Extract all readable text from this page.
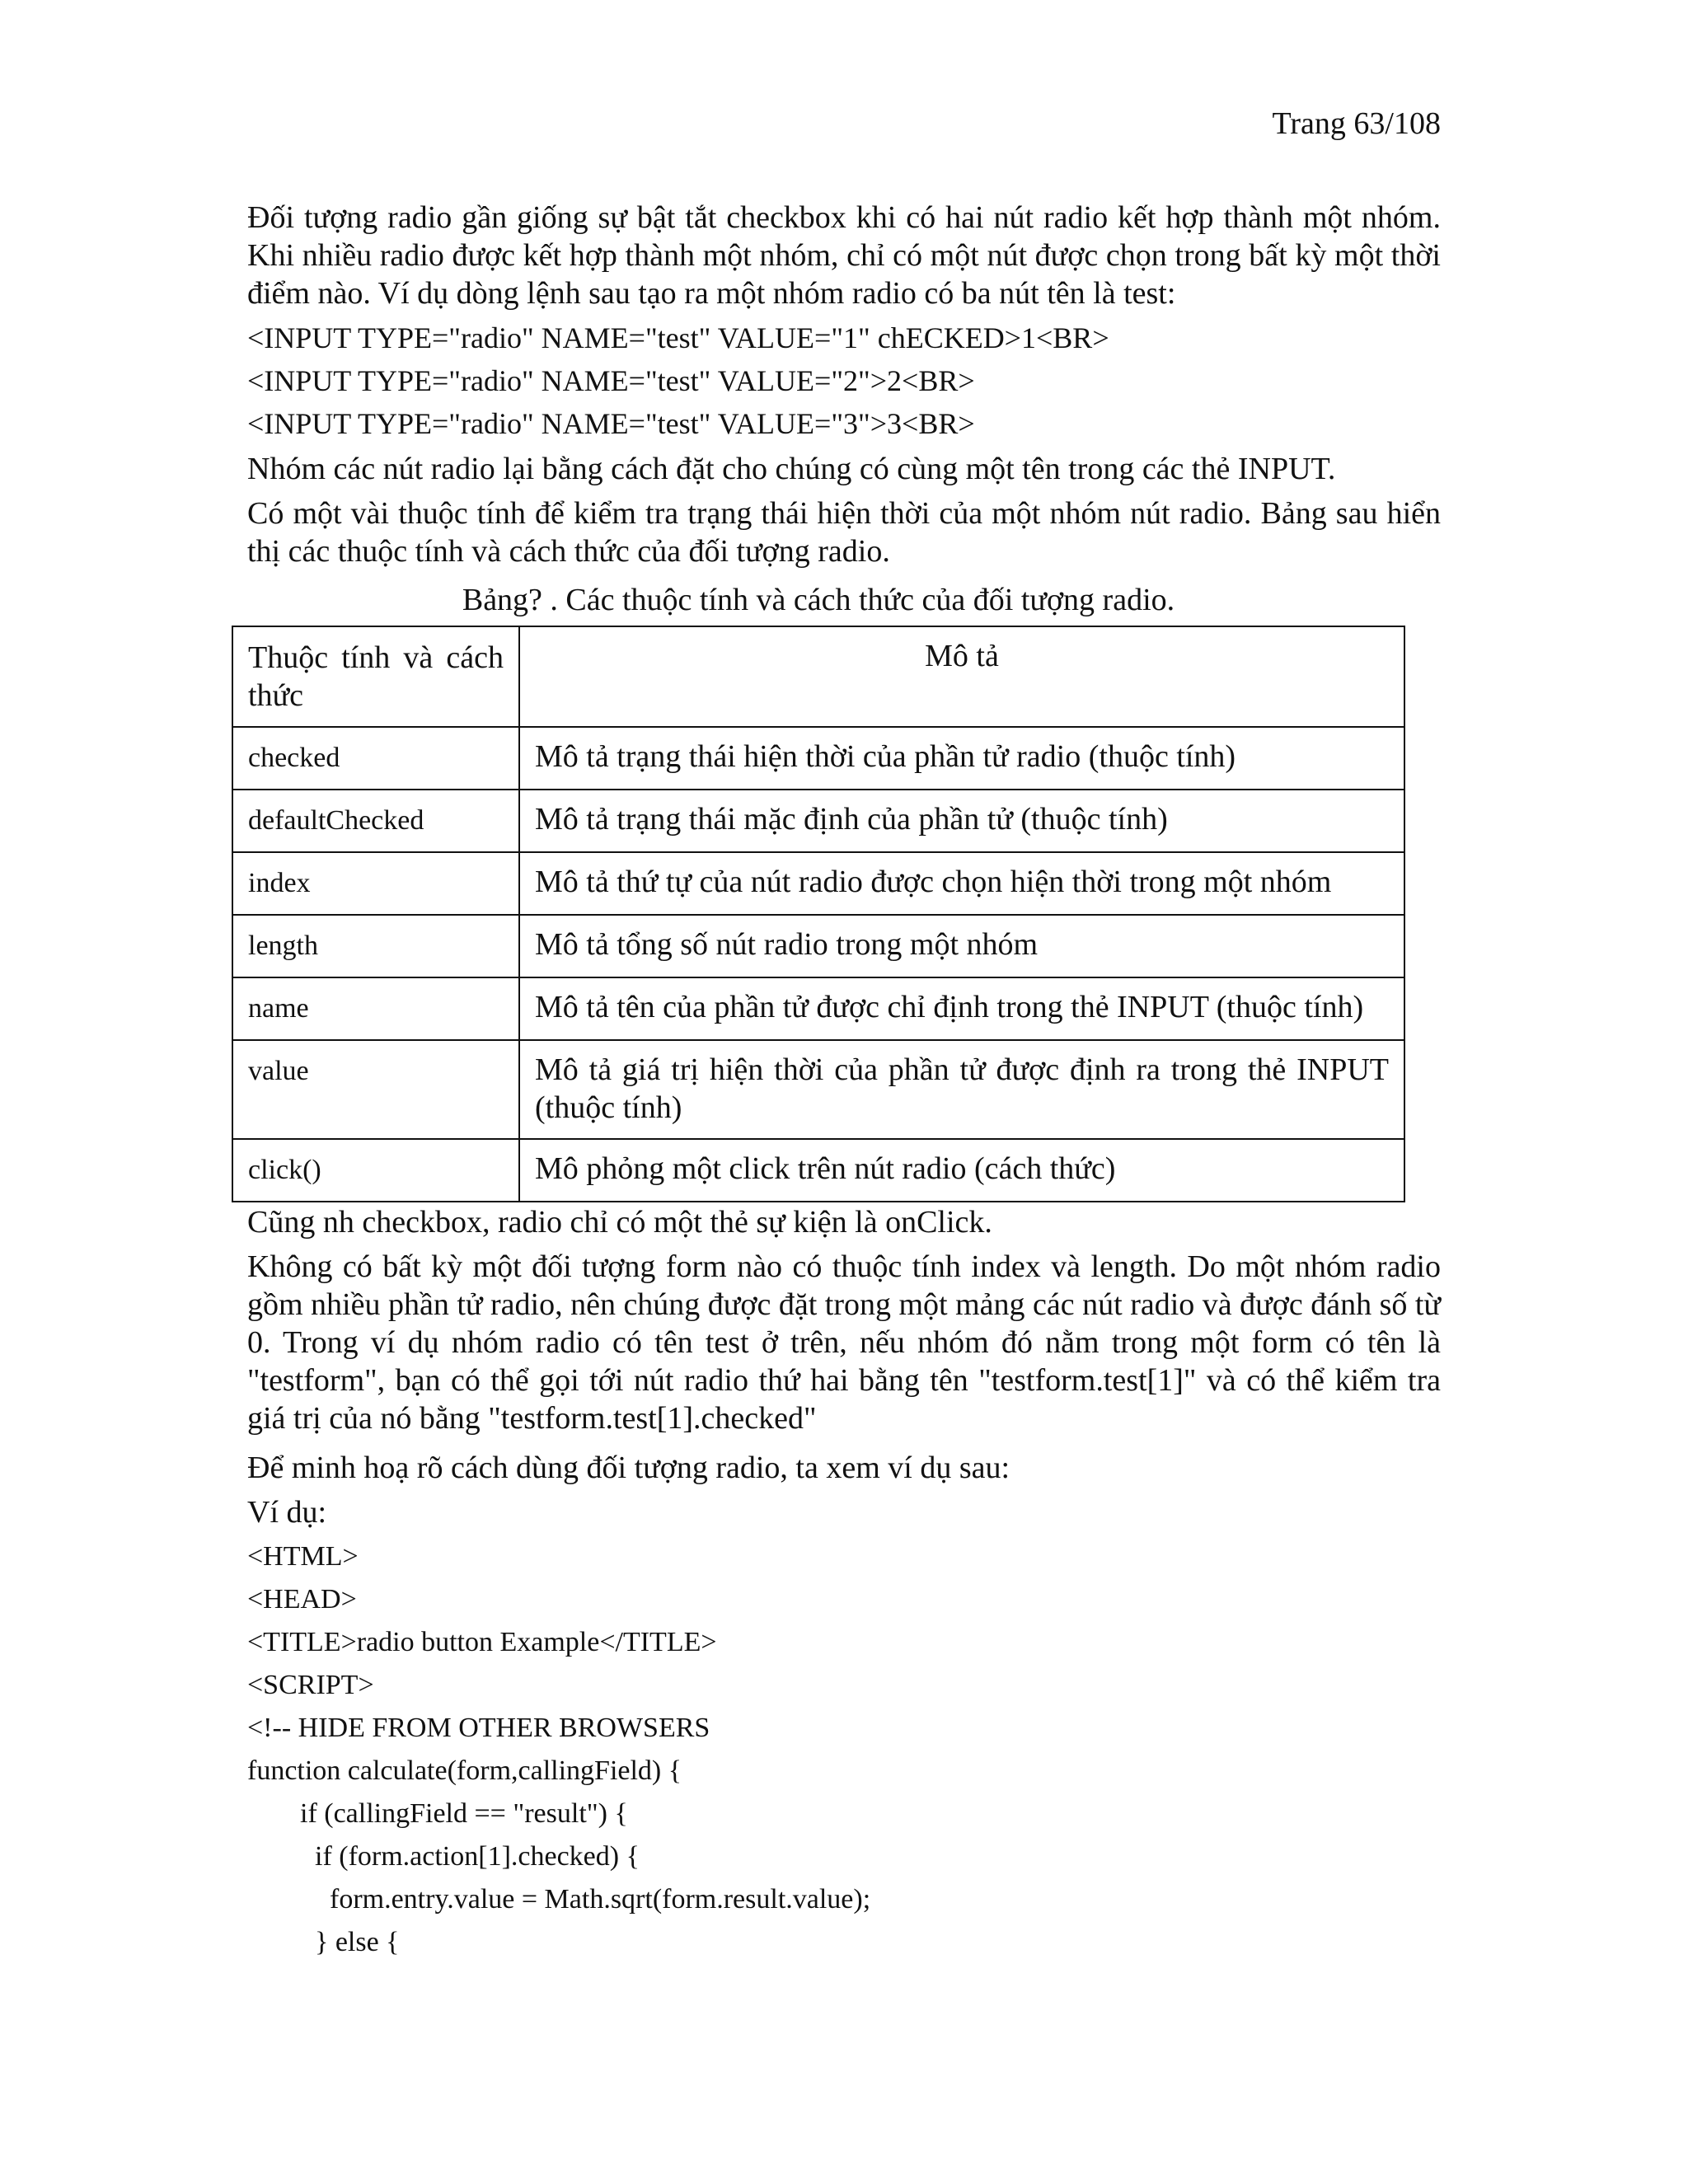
Trang 63/108

Đối tượng radio gần giống sự bật tắt checkbox khi có hai nút radio kết hợp thành một nhóm. Khi nhiều radio được kết hợp thành một nhóm, chỉ có một nút được chọn trong bất kỳ một thời điểm nào. Ví dụ dòng lệnh sau tạo ra một nhóm radio có ba nút tên là test:

<INPUT TYPE="radio" NAME="test" VALUE="1" chECKED>1<BR>
<INPUT TYPE="radio" NAME="test" VALUE="2">2<BR>
<INPUT TYPE="radio" NAME="test" VALUE="3">3<BR>

Nhóm các nút radio lại bằng cách đặt cho chúng có cùng một tên trong các thẻ INPUT.

Có một vài thuộc tính để kiểm tra trạng thái hiện thời của một nhóm nút radio. Bảng sau hiển thị các thuộc tính và cách thức của đối tượng radio.

Bảng? . Các thuộc tính và cách thức của đối tượng radio.
Thuộc tính và cách thức	Mô tả
checked	Mô tả trạng thái hiện thời của phần tử radio (thuộc tính)
defaultChecked	Mô tả trạng thái mặc định của phần tử (thuộc tính)
index	Mô tả thứ tự của nút radio được chọn hiện thời trong một nhóm
length	Mô tả tổng số nút radio trong một nhóm
name	Mô tả tên của phần tử được chỉ định trong thẻ INPUT (thuộc tính)
value	Mô tả giá trị hiện thời của phần tử được định ra trong thẻ INPUT (thuộc tính)
click()	Mô phỏng một click trên nút radio (cách thức)

Cũng nh checkbox, radio chỉ có một thẻ sự kiện là onClick.

Không có bất kỳ một đối tượng form nào có thuộc tính index và length. Do một nhóm radio gồm nhiều phần tử radio, nên chúng được đặt trong một mảng các nút radio và được đánh số từ 0. Trong ví dụ nhóm radio có tên test ở trên, nếu nhóm đó nằm trong một form có tên là "testform", bạn có thể gọi tới nút radio thứ hai bằng tên "testform.test[1]" và có thể kiểm tra giá trị của nó bằng "testform.test[1].checked"

Để minh hoạ rõ cách dùng đối tượng radio, ta xem ví dụ sau:

Ví dụ:
<HTML>
<HEAD>
<TITLE>radio button Example</TITLE>
<SCRIPT>
<!-- HIDE FROM OTHER BROWSERS
function calculate(form,callingField) {
if (callingField == "result") {
if (form.action[1].checked) {
form.entry.value = Math.sqrt(form.result.value);
} else {
